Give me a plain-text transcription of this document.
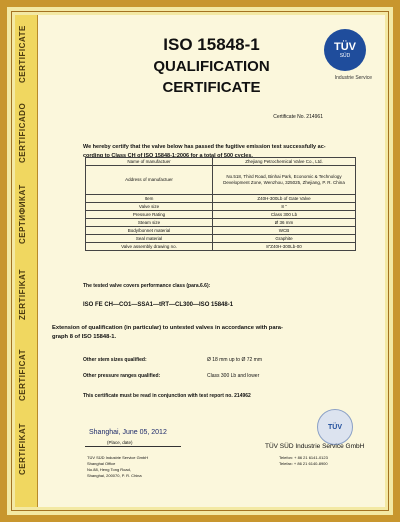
CERTIFICATE
CERTIFICADO
СЕРТИФИКАТ
ZERTIFIKAT
CERTIFICAT
CERTIFIKAT
ISO 15848-1
QUALIFICATION
CERTIFICATE
TÜV
SÜD
Industrie Service
Certificate No. 214961
We hereby certify that the valve below has passed the fugitive emission test successfully ac-
cording to Class CH of ISO 15848-1:2006 for a total of 500 cycles.
Name of manufactuer	Zhejiang Petrochemical Valve Co., Ltd.
Address of manufactuer	No.518, Third Road, Binhai Park, Economic & Technology Development Zone, Wenzhou, 325025, Zhejiang, P. R. China
Item	Z40H-300Lb of Gate Valve
Valve size	8 "
Pressure Rating	Class 300 Lb
Steam size	Ø 36 mm
Body/bonnet material	WCB
Seal material	Graphite
Valve assembly drawing no.	8"Z40H-300Lb-00
The tested valve covers performance class (para.6.6):
ISO FE CH—CO1—SSA1—tRT—CL300—ISO 15848-1
Extension of qualification (in particular) to untested valves in accordance with para-
graph 8 of ISO 15848-1.
Other stem sizes qualified:	Ø 18 mm up to Ø 72 mm
Other pressure ranges qualified:	Class 300 Lb and lower
This certificate must be read in conjunction with test report no. 214962
TÜV
Shanghai, June 05, 2012
(Place, date)
TÜV SÜD Industrie Service GmbH
TÜV SÜD Industrie Service GmbH
Shanghai Office
No.88, Heng Tong Road,
Shanghai, 200070, P. R. China
Telefon: + 86 21 6141-0123
Telefax: + 86 21 6140-8900
